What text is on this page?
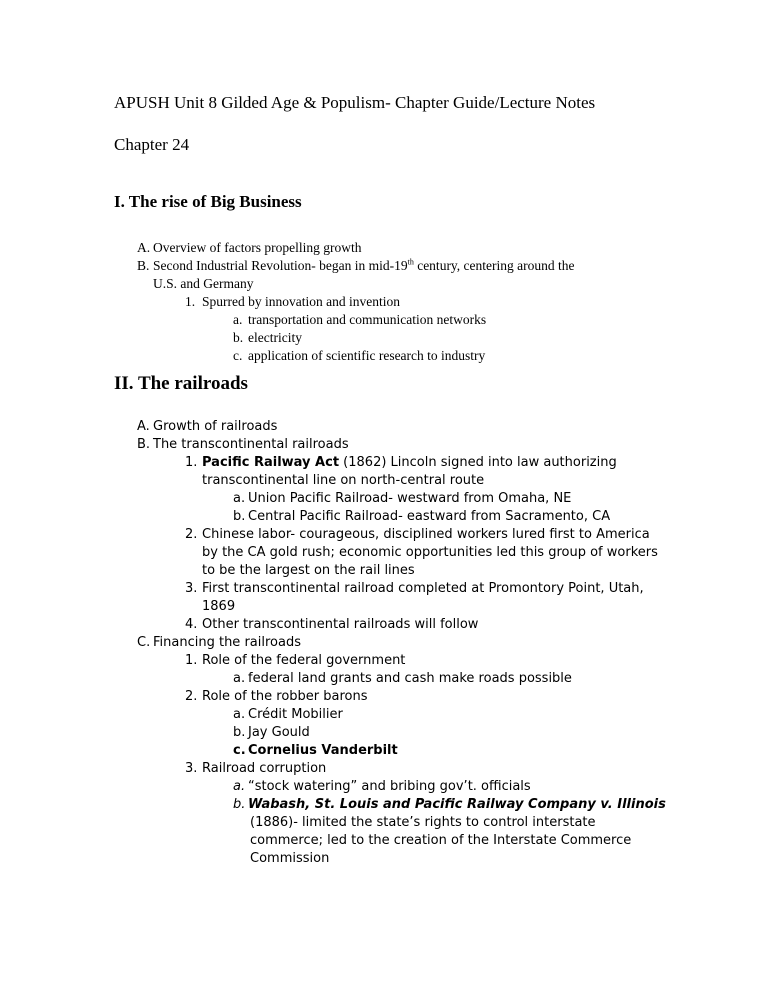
APUSH Unit 8 Gilded Age & Populism- Chapter Guide/Lecture Notes
Chapter 24
I. The rise of Big Business
A. Overview of factors propelling growth
B. Second Industrial Revolution- began in mid-19th century, centering around the
U.S. and Germany
1. Spurred by innovation and invention
a. transportation and communication networks
b. electricity
c. application of scientific research to industry
II. The railroads
A. Growth of railroads
B. The transcontinental railroads
1. Pacific Railway Act (1862) Lincoln signed into law authorizing
transcontinental line on north-central route
a. Union Pacific Railroad- westward from Omaha, NE
b. Central Pacific Railroad- eastward from Sacramento, CA
2. Chinese labor- courageous, disciplined workers lured first to America
by the CA gold rush; economic opportunities led this group of workers
to be the largest on the rail lines
3. First transcontinental railroad completed at Promontory Point, Utah,
1869
4. Other transcontinental railroads will follow
C. Financing the railroads
1. Role of the federal government
a. federal land grants and cash make roads possible
2. Role of the robber barons
a. Crédit Mobilier
b. Jay Gould
c. Cornelius Vanderbilt
3. Railroad corruption
a. “stock watering” and bribing gov’t. officials
b. Wabash, St. Louis and Pacific Railway Company v. Illinois
(1886)- limited the state’s rights to control interstate
commerce; led to the creation of the Interstate Commerce
Commission
